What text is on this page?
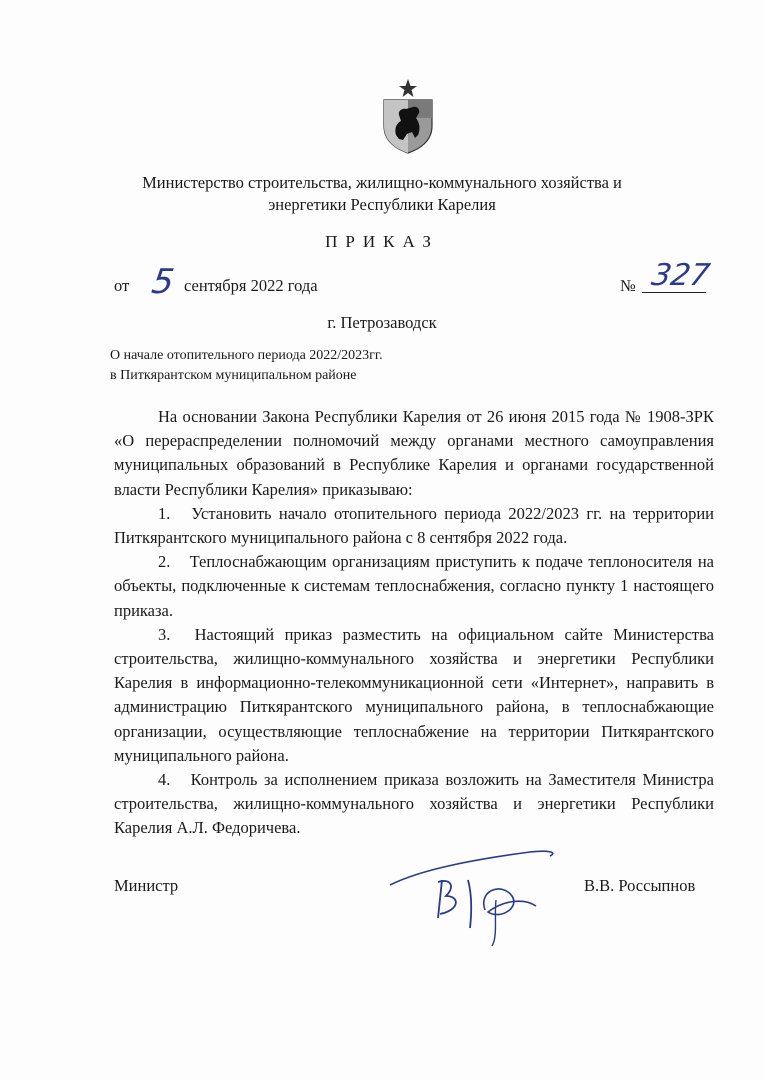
Министерство строительства, жилищно-коммунального хозяйства и
энергетики Республики Карелия
ПРИКАЗ
от 5 сентября 2022 года	№ 327
г. Петрозаводск
О начале отопительного периода 2022/2023гг.
в Питкярантском муниципальном районе

На основании Закона Республики Карелия от 26 июня 2015 года № 1908-ЗРК «О перераспределении полномочий между органами местного самоуправления муниципальных образований в Республике Карелия и органами государственной власти Республики Карелия» приказываю:

1. Установить начало отопительного периода 2022/2023 гг. на территории Питкярантского муниципального района с 8 сентября 2022 года.

2. Теплоснабжающим организациям приступить к подаче теплоносителя на объекты, подключенные к системам теплоснабжения, согласно пункту 1 настоящего приказа.

3. Настоящий приказ разместить на официальном сайте Министерства строительства, жилищно-коммунального хозяйства и энергетики Республики Карелия в информационно-телекоммуникационной сети «Интернет», направить в администрацию Питкярантского муниципального района, в теплоснабжающие организации, осуществляющие теплоснабжение на территории Питкярантского муниципального района.

4. Контроль за исполнением приказа возложить на Заместителя Министра строительства, жилищно-коммунального хозяйства и энергетики Республики Карелия А.Л. Федоричева.

Министр	В.В. Россыпнов
